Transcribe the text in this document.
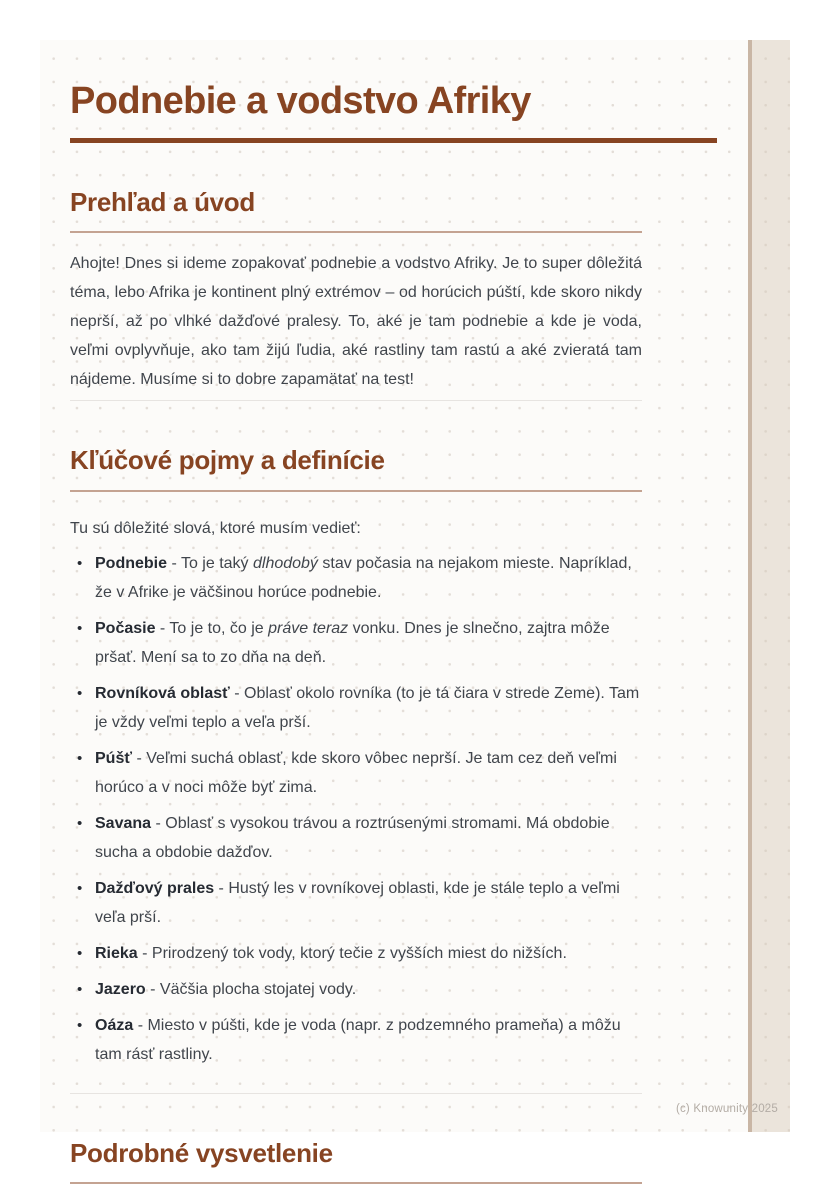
Podnebie a vodstvo Afriky
Prehľad a úvod

Ahojte! Dnes si ideme zopakovať podnebie a vodstvo Afriky. Je to super dôležitá téma, lebo Afrika je kontinent plný extrémov – od horúcich púští, kde skoro nikdy neprší, až po vlhké dažďové pralesy. To, aké je tam podnebie a kde je voda, veľmi ovplyvňuje, ako tam žijú ľudia, aké rastliny tam rastú a aké zvieratá tam nájdeme. Musíme si to dobre zapamätať na test!

Kľúčové pojmy a definície

Tu sú dôležité slová, ktoré musím vedieť:

• Podnebie - To je taký dlhodobý stav počasia na nejakom mieste. Napríklad, že v Afrike je väčšinou horúce podnebie.
• Počasie - To je to, čo je práve teraz vonku. Dnes je slnečno, zajtra môže pršať. Mení sa to zo dňa na deň.
• Rovníková oblasť - Oblasť okolo rovníka (to je tá čiara v strede Zeme). Tam je vždy veľmi teplo a veľa prší.
• Púšť - Veľmi suchá oblasť, kde skoro vôbec neprší. Je tam cez deň veľmi horúco a v noci môže byť zima.
• Savana - Oblasť s vysokou trávou a roztrúsenými stromami. Má obdobie sucha a obdobie dažďov.
• Dažďový prales - Hustý les v rovníkovej oblasti, kde je stále teplo a veľmi veľa prší.
• Rieka - Prirodzený tok vody, ktorý tečie z vyšších miest do nižších.
• Jazero - Väčšia plocha stojatej vody.
• Oáza - Miesto v púšti, kde je voda (napr. z podzemného prameňa) a môžu tam rásť rastliny.
Podrobné vysvetlenie
(c) Knowunity 2025
